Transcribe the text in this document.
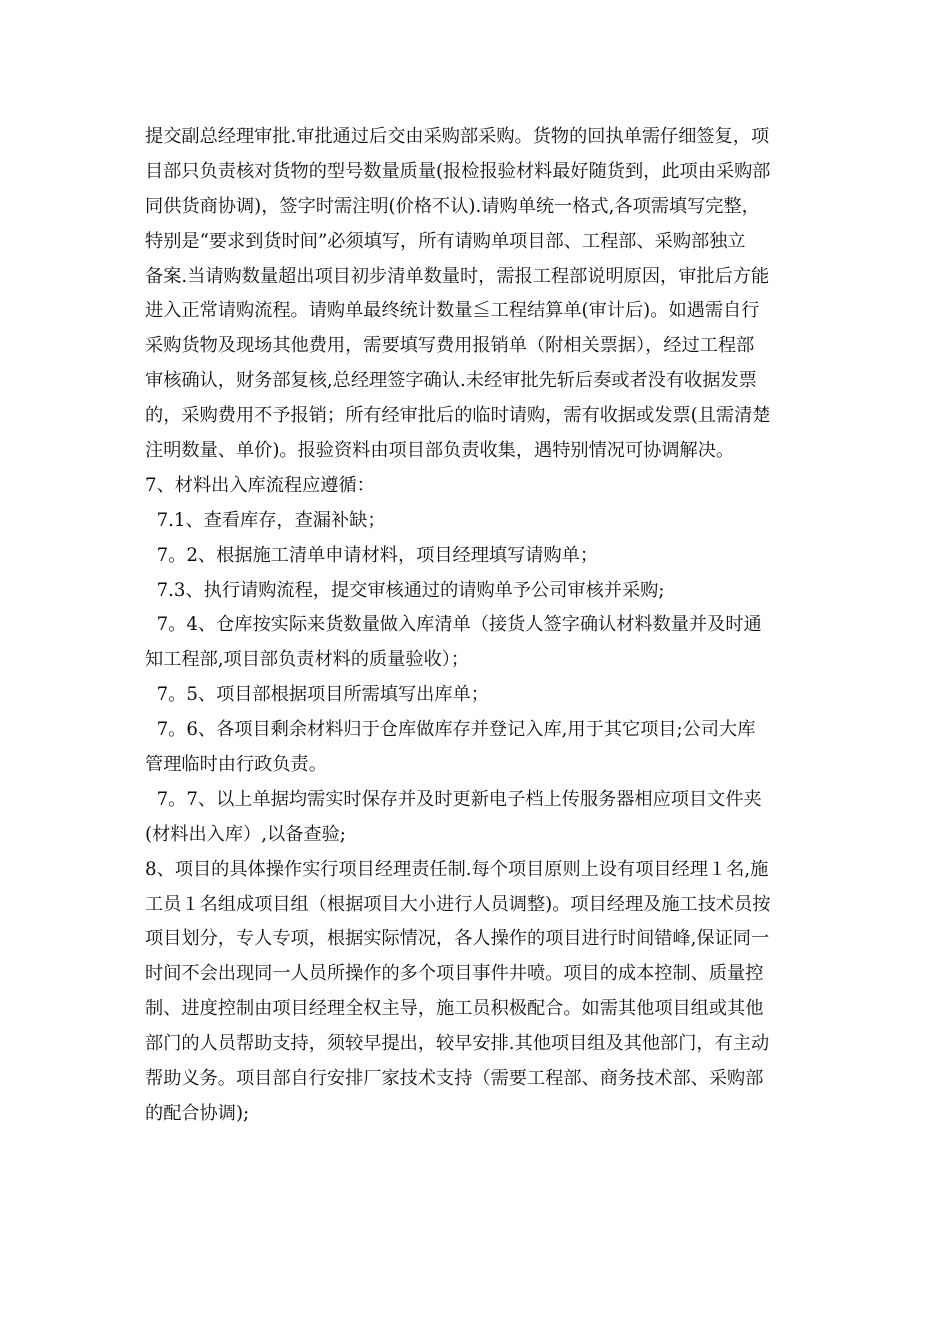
提交副总经理审批.审批通过后交由采购部采购。货物的回执单需仔细签复，项
目部只负责核对货物的型号数量质量(报检报验材料最好随货到，此项由采购部
同供货商协调)，签字时需注明(价格不认).请购单统一格式,各项需填写完整，
特别是“要求到货时间”必须填写，所有请购单项目部、工程部、采购部独立
备案.当请购数量超出项目初步清单数量时，需报工程部说明原因，审批后方能
进入正常请购流程。请购单最终统计数量≦工程结算单(审计后)。如遇需自行
采购货物及现场其他费用，需要填写费用报销单（附相关票据），经过工程部
审核确认，财务部复核,总经理签字确认.未经审批先斩后奏或者没有收据发票
的，采购费用不予报销；所有经审批后的临时请购，需有收据或发票(且需清楚
注明数量、单价)。报验资料由项目部负责收集，遇特别情况可协调解决。
7、材料出入库流程应遵循：
7.1、查看库存，查漏补缺；
7。2、根据施工清单申请材料，项目经理填写请购单；
7.3、执行请购流程，提交审核通过的请购单予公司审核并采购;
7。4、仓库按实际来货数量做入库清单（接货人签字确认材料数量并及时通
知工程部,项目部负责材料的质量验收）；
7。5、项目部根据项目所需填写出库单；
7。6、各项目剩余材料归于仓库做库存并登记入库,用于其它项目;公司大库
管理临时由行政负责。
7。7、以上单据均需实时保存并及时更新电子档上传服务器相应项目文件夹
(材料出入库）,以备查验;
8、项目的具体操作实行项目经理责任制.每个项目原则上设有项目经理１名,施
工员１名组成项目组（根据项目大小进行人员调整)。项目经理及施工技术员按
项目划分，专人专项，根据实际情况，各人操作的项目进行时间错峰,保证同一
时间不会出现同一人员所操作的多个项目事件井喷。项目的成本控制、质量控
制、进度控制由项目经理全权主导，施工员积极配合。如需其他项目组或其他
部门的人员帮助支持，须较早提出，较早安排.其他项目组及其他部门，有主动
帮助义务。项目部自行安排厂家技术支持（需要工程部、商务技术部、采购部
的配合协调);
